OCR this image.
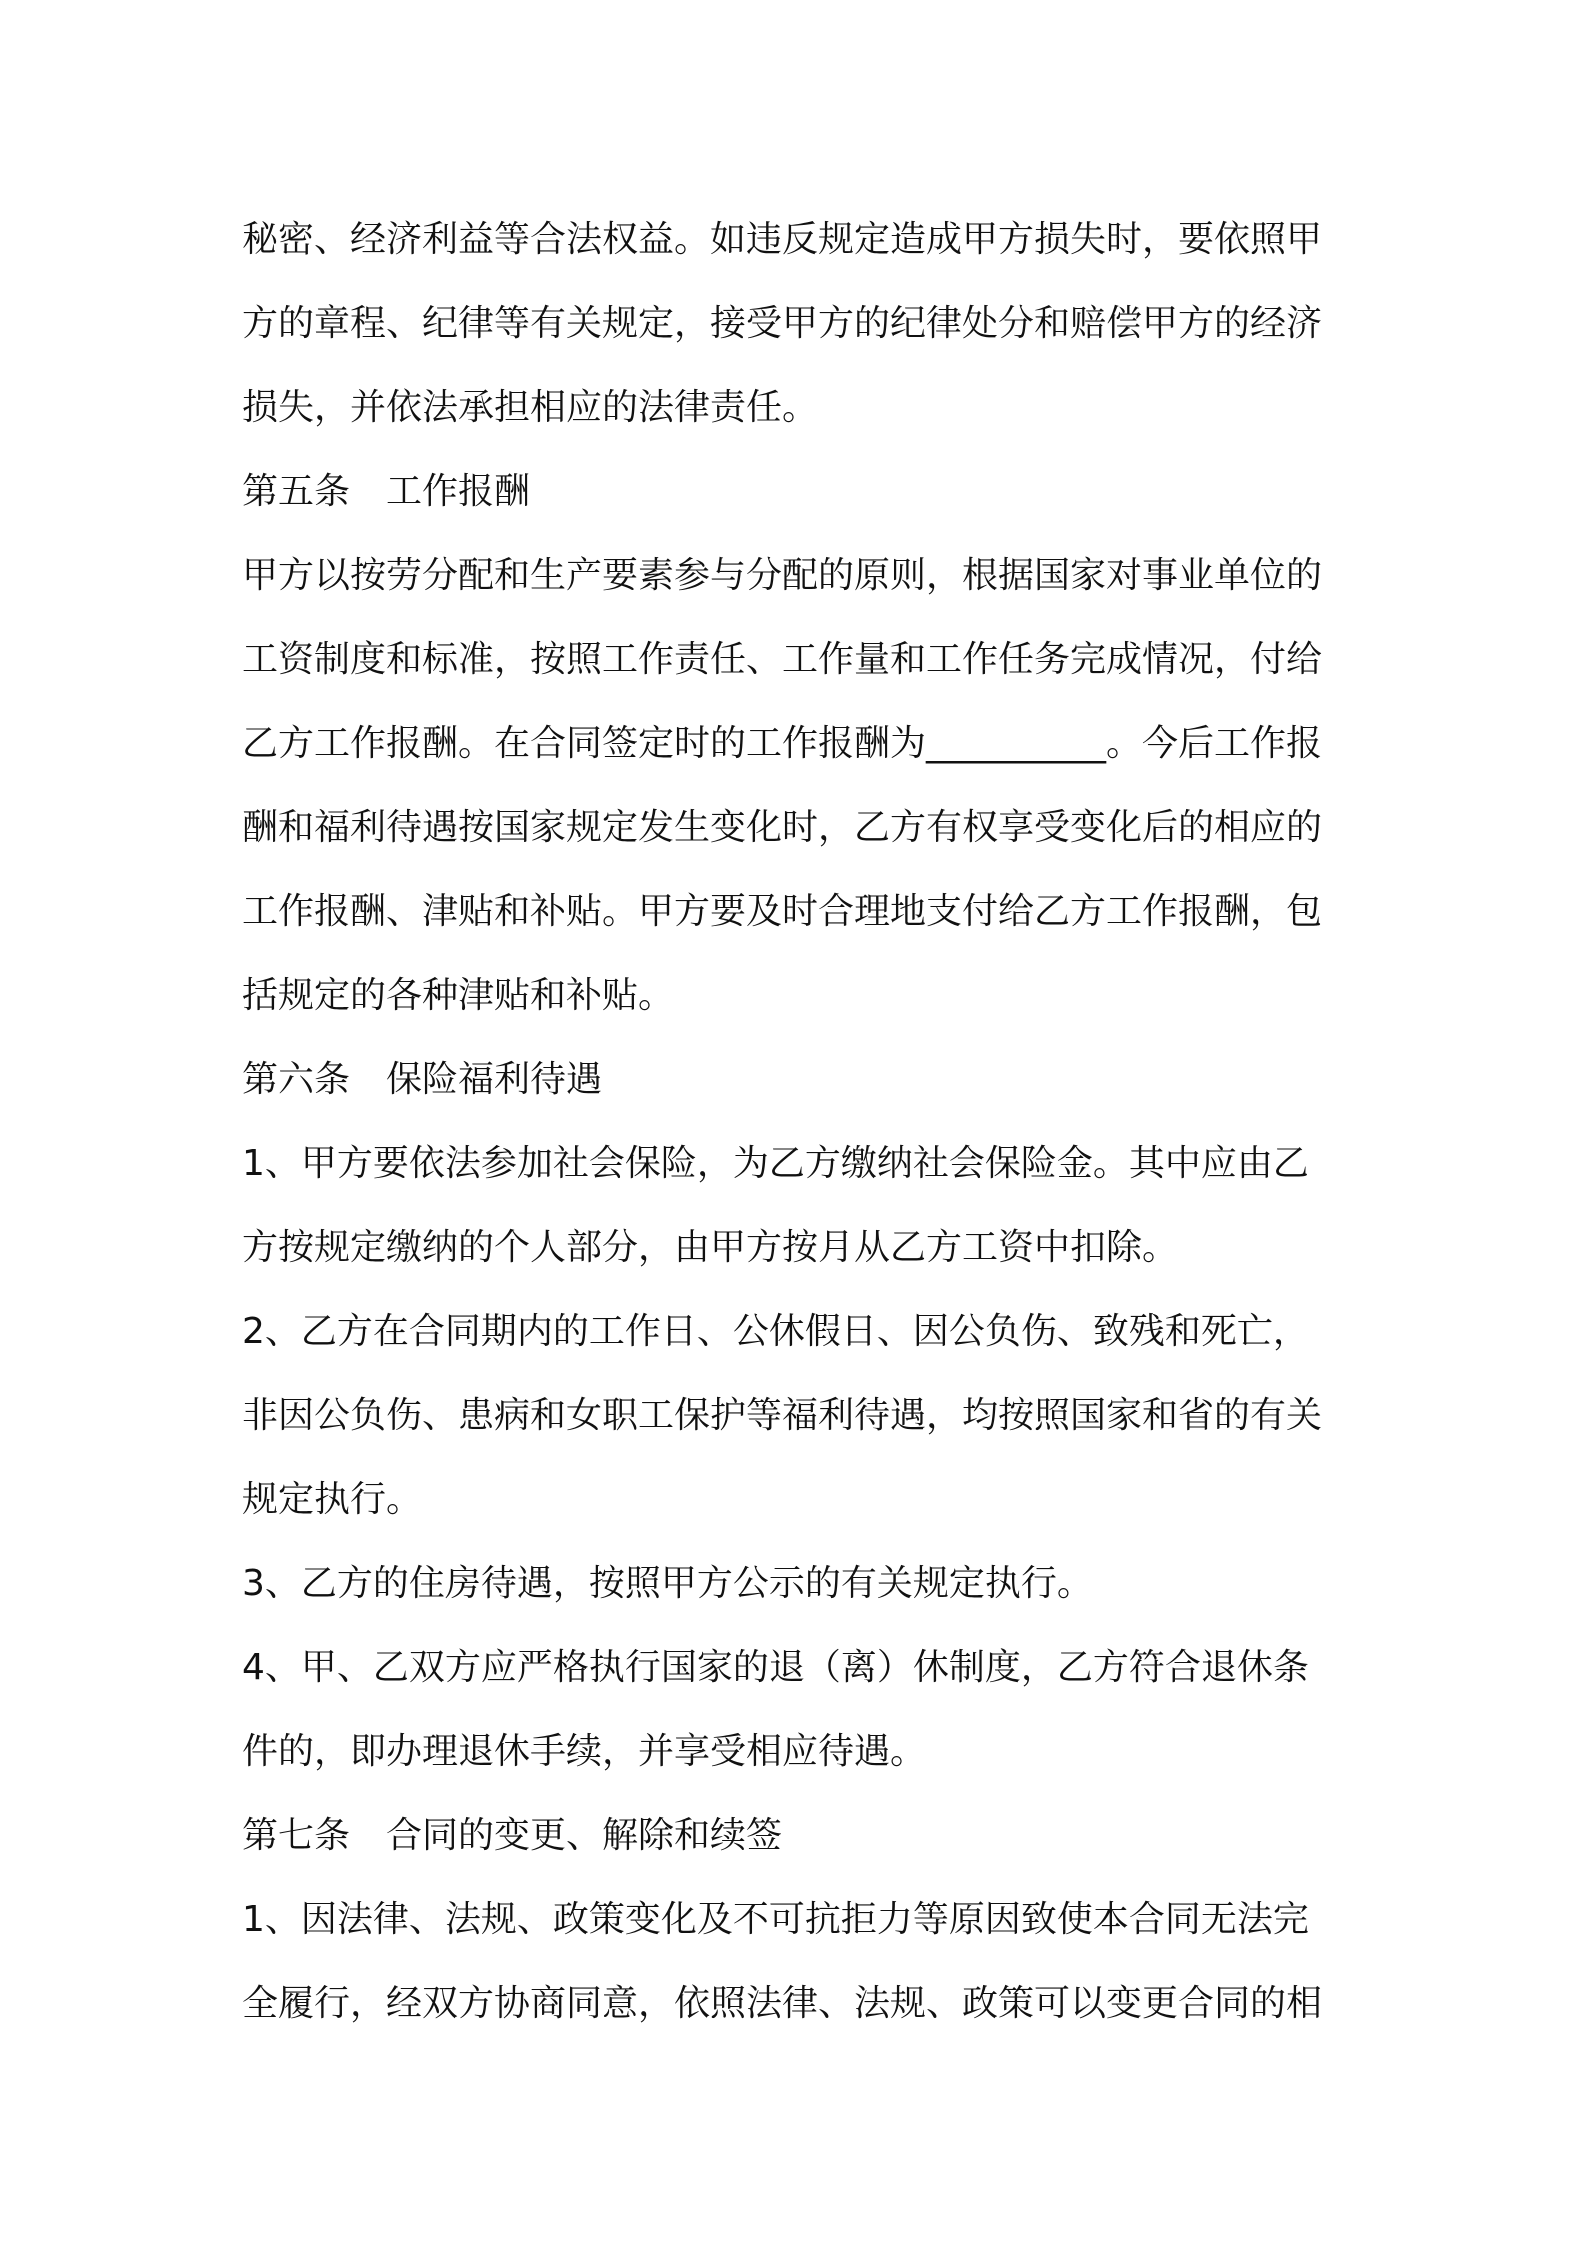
秘密、经济利益等合法权益。如违反规定造成甲方损失时，要依照甲
方的章程、纪律等有关规定，接受甲方的纪律处分和赔偿甲方的经济
损失，并依法承担相应的法律责任。
第五条　工作报酬
甲方以按劳分配和生产要素参与分配的原则，根据国家对事业单位的
工资制度和标准，按照工作责任、工作量和工作任务完成情况，付给
乙方工作报酬。在合同签定时的工作报酬为__________。今后工作报
酬和福利待遇按国家规定发生变化时，乙方有权享受变化后的相应的
工作报酬、津贴和补贴。甲方要及时合理地支付给乙方工作报酬，包
括规定的各种津贴和补贴。
第六条　保险福利待遇
1、甲方要依法参加社会保险，为乙方缴纳社会保险金。其中应由乙
方按规定缴纳的个人部分，由甲方按月从乙方工资中扣除。
2、乙方在合同期内的工作日、公休假日、因公负伤、致残和死亡，
非因公负伤、患病和女职工保护等福利待遇，均按照国家和省的有关
规定执行。
3、乙方的住房待遇，按照甲方公示的有关规定执行。
4、甲、乙双方应严格执行国家的退（离）休制度，乙方符合退休条
件的，即办理退休手续，并享受相应待遇。
第七条　合同的变更、解除和续签
1、因法律、法规、政策变化及不可抗拒力等原因致使本合同无法完
全履行，经双方协商同意，依照法律、法规、政策可以变更合同的相
